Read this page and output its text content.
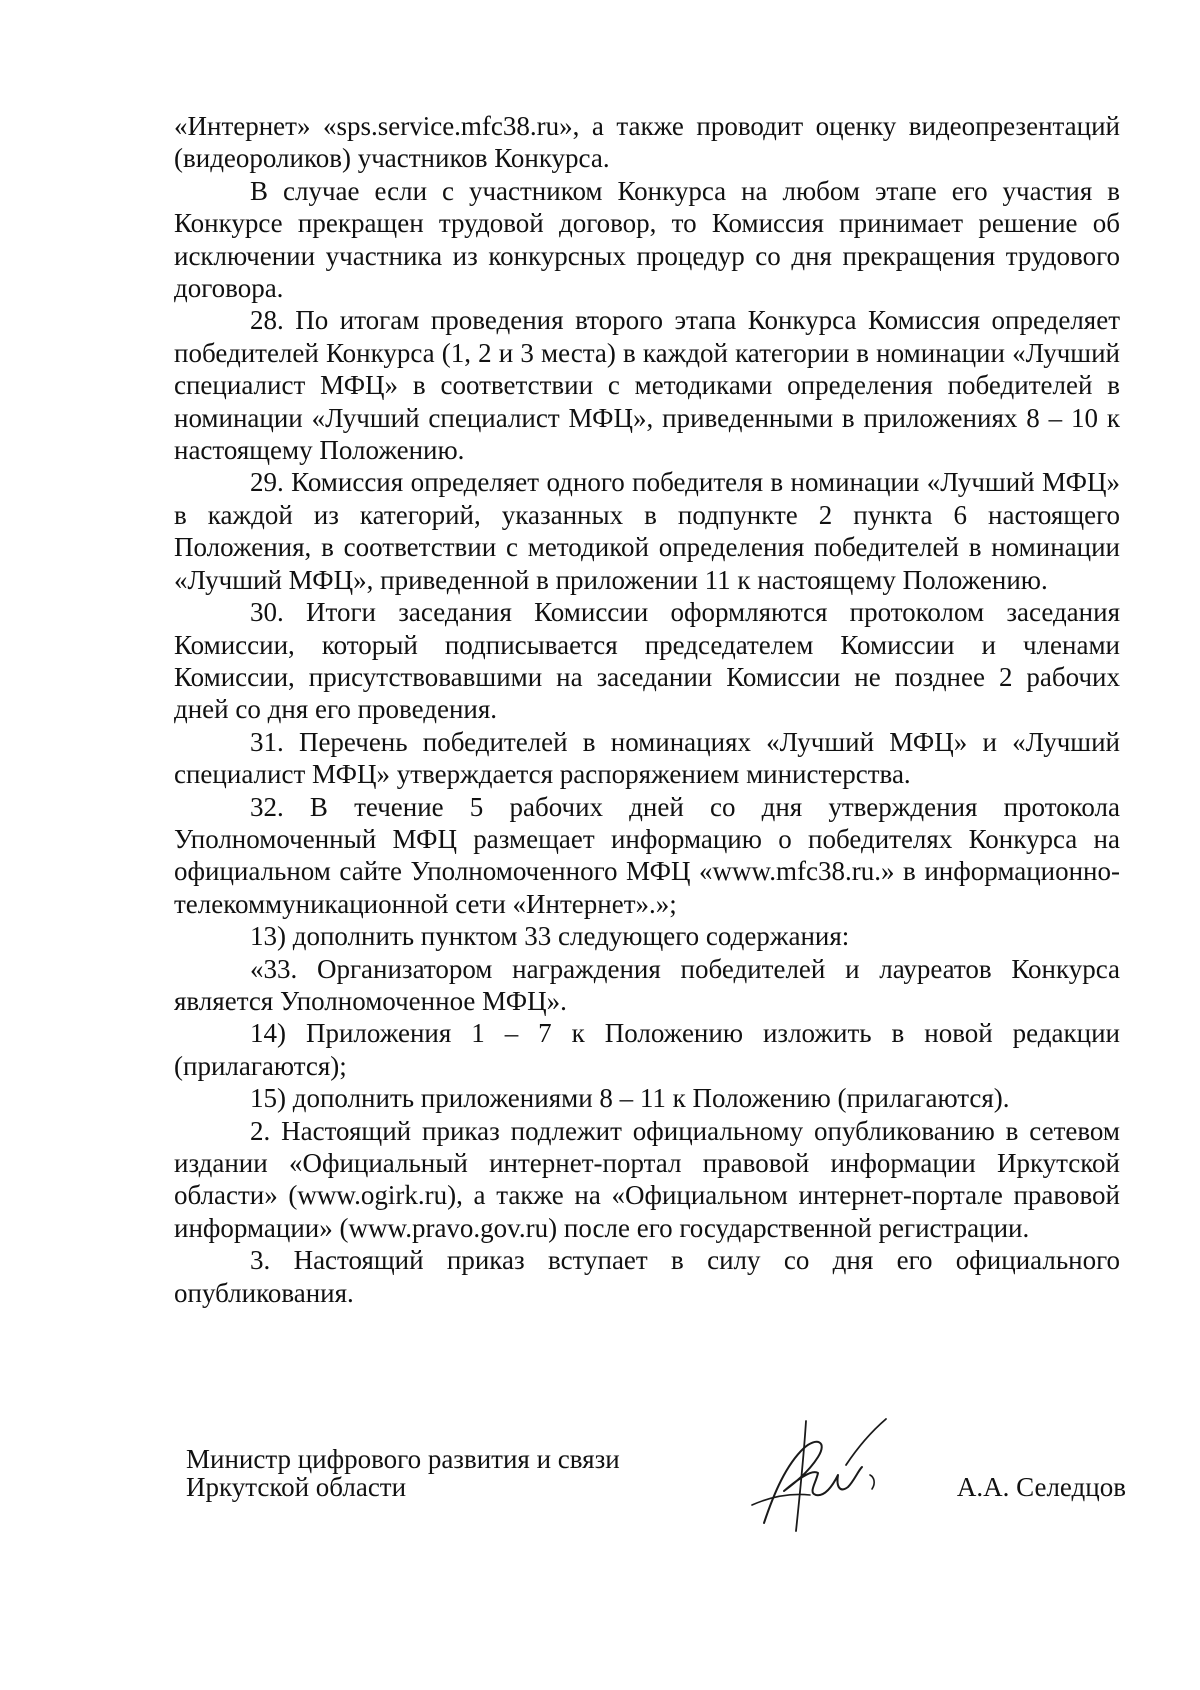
«Интернет» «sps.service.mfc38.ru», а также проводит оценку видеопрезентаций (видеороликов) участников Конкурса.

В случае если с участником Конкурса на любом этапе его участия в Конкурсе прекращен трудовой договор, то Комиссия принимает решение об исключении участника из конкурсных процедур со дня прекращения трудового договора.

28. По итогам проведения второго этапа Конкурса Комиссия определяет победителей Конкурса (1, 2 и 3 места) в каждой категории в номинации «Лучший специалист МФЦ» в соответствии с методиками определения победителей в номинации «Лучший специалист МФЦ», приведенными в приложениях 8 – 10 к настоящему Положению.

29. Комиссия определяет одного победителя в номинации «Лучший МФЦ» в каждой из категорий, указанных в подпункте 2 пункта 6 настоящего Положения, в соответствии с методикой определения победителей в номинации «Лучший МФЦ», приведенной в приложении 11 к настоящему Положению.

30. Итоги заседания Комиссии оформляются протоколом заседания Комиссии, который подписывается председателем Комиссии и членами Комиссии, присутствовавшими на заседании Комиссии не позднее 2 рабочих дней со дня его проведения.

31. Перечень победителей в номинациях «Лучший МФЦ» и «Лучший специалист МФЦ» утверждается распоряжением министерства.

32. В течение 5 рабочих дней со дня утверждения протокола Уполномоченный МФЦ размещает информацию о победителях Конкурса на официальном сайте Уполномоченного МФЦ «www.mfc38.ru.» в информационно-телекоммуникационной сети «Интернет».»;

13) дополнить пунктом 33 следующего содержания:

«33. Организатором награждения победителей и лауреатов Конкурса является Уполномоченное МФЦ».

14) Приложения 1 – 7 к Положению изложить в новой редакции (прилагаются);

15) дополнить приложениями 8 – 11 к Положению (прилагаются).

2. Настоящий приказ подлежит официальному опубликованию в сетевом издании «Официальный интернет-портал правовой информации Иркутской области» (www.ogirk.ru), а также на «Официальном интернет-портале правовой информации» (www.pravo.gov.ru) после его государственной регистрации.

3. Настоящий приказ вступает в силу со дня его официального опубликования.

Министр цифрового развития и связи
Иркутской области	А.А. Селедцов
